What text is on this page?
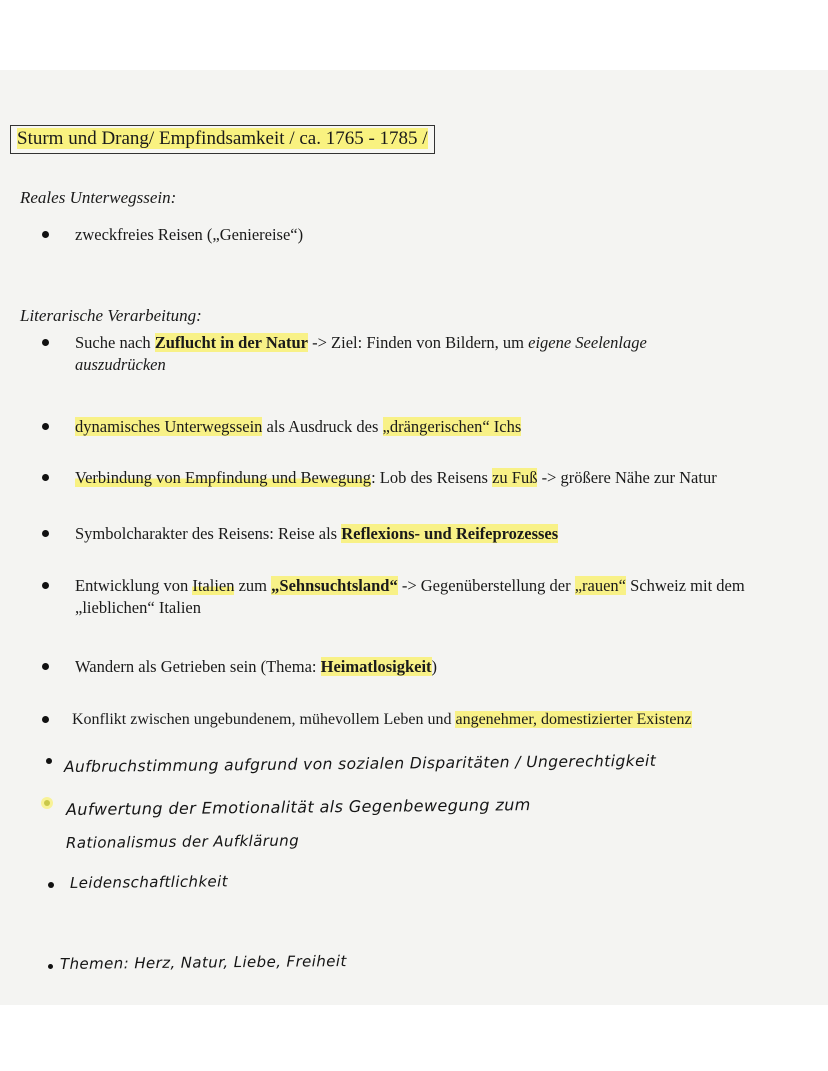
Sturm und Drang/ Empfindsamkeit / ca. 1765 - 1785 /
Reales Unterwegssein:
zweckfreies Reisen („Geniereise“)
Literarische Verarbeitung:
Suche nach Zuflucht in der Natur -> Ziel: Finden von Bildern, um eigene Seelenlage auszudrücken
dynamisches Unterwegssein als Ausdruck des „drängerischen“ Ichs
Verbindung von Empfindung und Bewegung: Lob des Reisens zu Fuß -> größere Nähe zur Natur
Symbolcharakter des Reisens: Reise als Reflexions- und Reifeprozesses
Entwicklung von Italien zum „Sehnsuchtsland“ -> Gegenüberstellung der „rauen“ Schweiz mit dem „lieblichen“ Italien
Wandern als Getrieben sein (Thema: Heimatlosigkeit)
Konflikt zwischen ungebundenem, mühevollem Leben und angenehmer, domestizierter Existenz
Aufbruchstimmung aufgrund von sozialen Disparitäten / Ungerechtigkeit
Aufwertung der Emotionalität als Gegenbewegung zum
Rationalismus der Aufklärung
Leidenschaftlichkeit
Themen: Herz, Natur, Liebe, Freiheit
